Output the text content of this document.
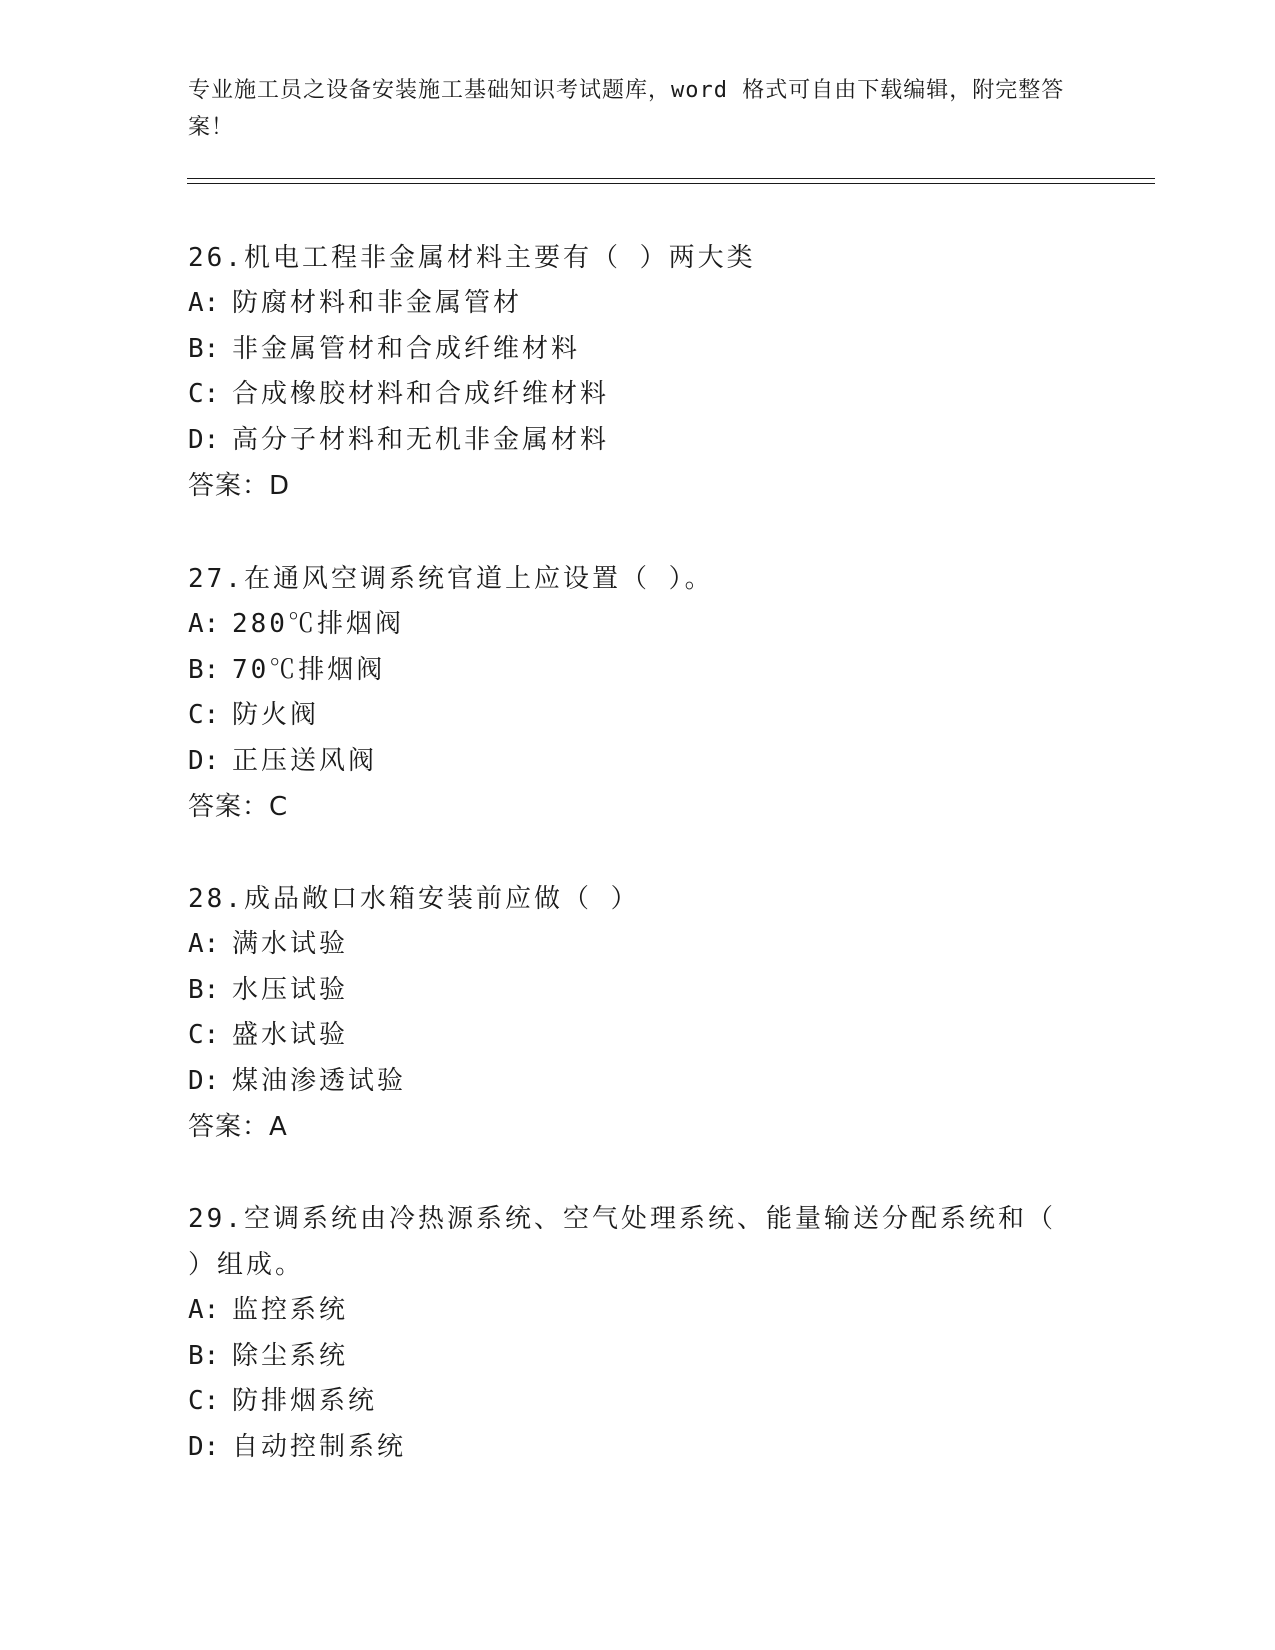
专业施工员之设备安装施工基础知识考试题库，word 格式可自由下载编辑，附完整答案！

26.机电工程非金属材料主要有（ ）两大类

A: 防腐材料和非金属管材
B: 非金属管材和合成纤维材料
C: 合成橡胶材料和合成纤维材料
D: 高分子材料和无机非金属材料
答案：D

27.在通风空调系统官道上应设置（ ）。

A: 280℃排烟阀
B: 70℃排烟阀
C: 防火阀
D: 正压送风阀
答案：C

28.成品敞口水箱安装前应做（ ）

A: 满水试验
B: 水压试验
C: 盛水试验
D: 煤油渗透试验
答案：A

29.空调系统由冷热源系统、空气处理系统、能量输送分配系统和（ ）组成。

A: 监控系统
B: 除尘系统
C: 防排烟系统
D: 自动控制系统
